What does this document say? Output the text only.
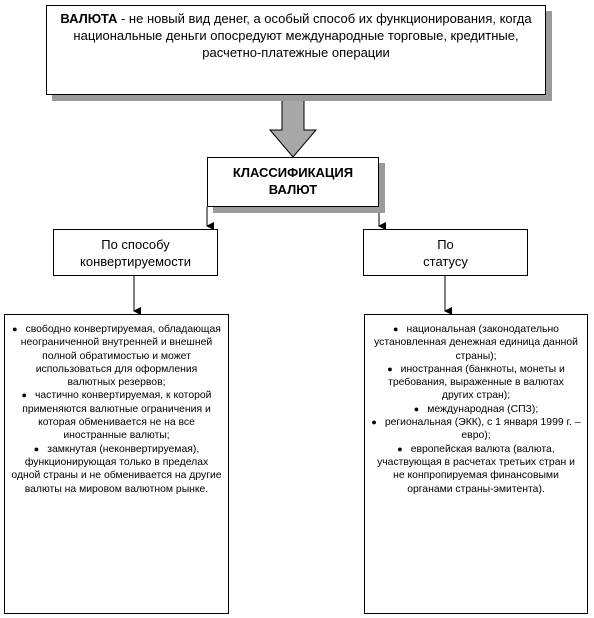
ВАЛЮТА - не новый вид денег, а особый способ их функционирования, когда национальные деньги опосредуют международные торговые, кредитные, расчетно-платежные операции
КЛАССИФИКАЦИЯ
ВАЛЮТ
По способу
конвертируемости
По
статусу

● свободно конвертируемая, обладающая неограниченной внутренней и внешней полной обратимостью и может использоваться для оформления валютных резервов;

● частично конвертируемая, к которой применяются валютные ограничения и которая обменивается не на все иностранные валюты;

● замкнутая (неконвертируемая), функционирующая только в пределах одной страны и не обменивается на другие валюты на мировом валютном рынке.

● национальная (законодательно установленная денежная единица данной страны);

● иностранная (банкноты, монеты и требования, выраженные в валютах других стран);

● международная (СПЗ);

● региональная (ЭКК), с 1 января 1999 г. – евро);

● европейская валюта (валюта, участвующая в расчетах третьих стран и не конпропируемая финансовыми органами страны-эмитента).
